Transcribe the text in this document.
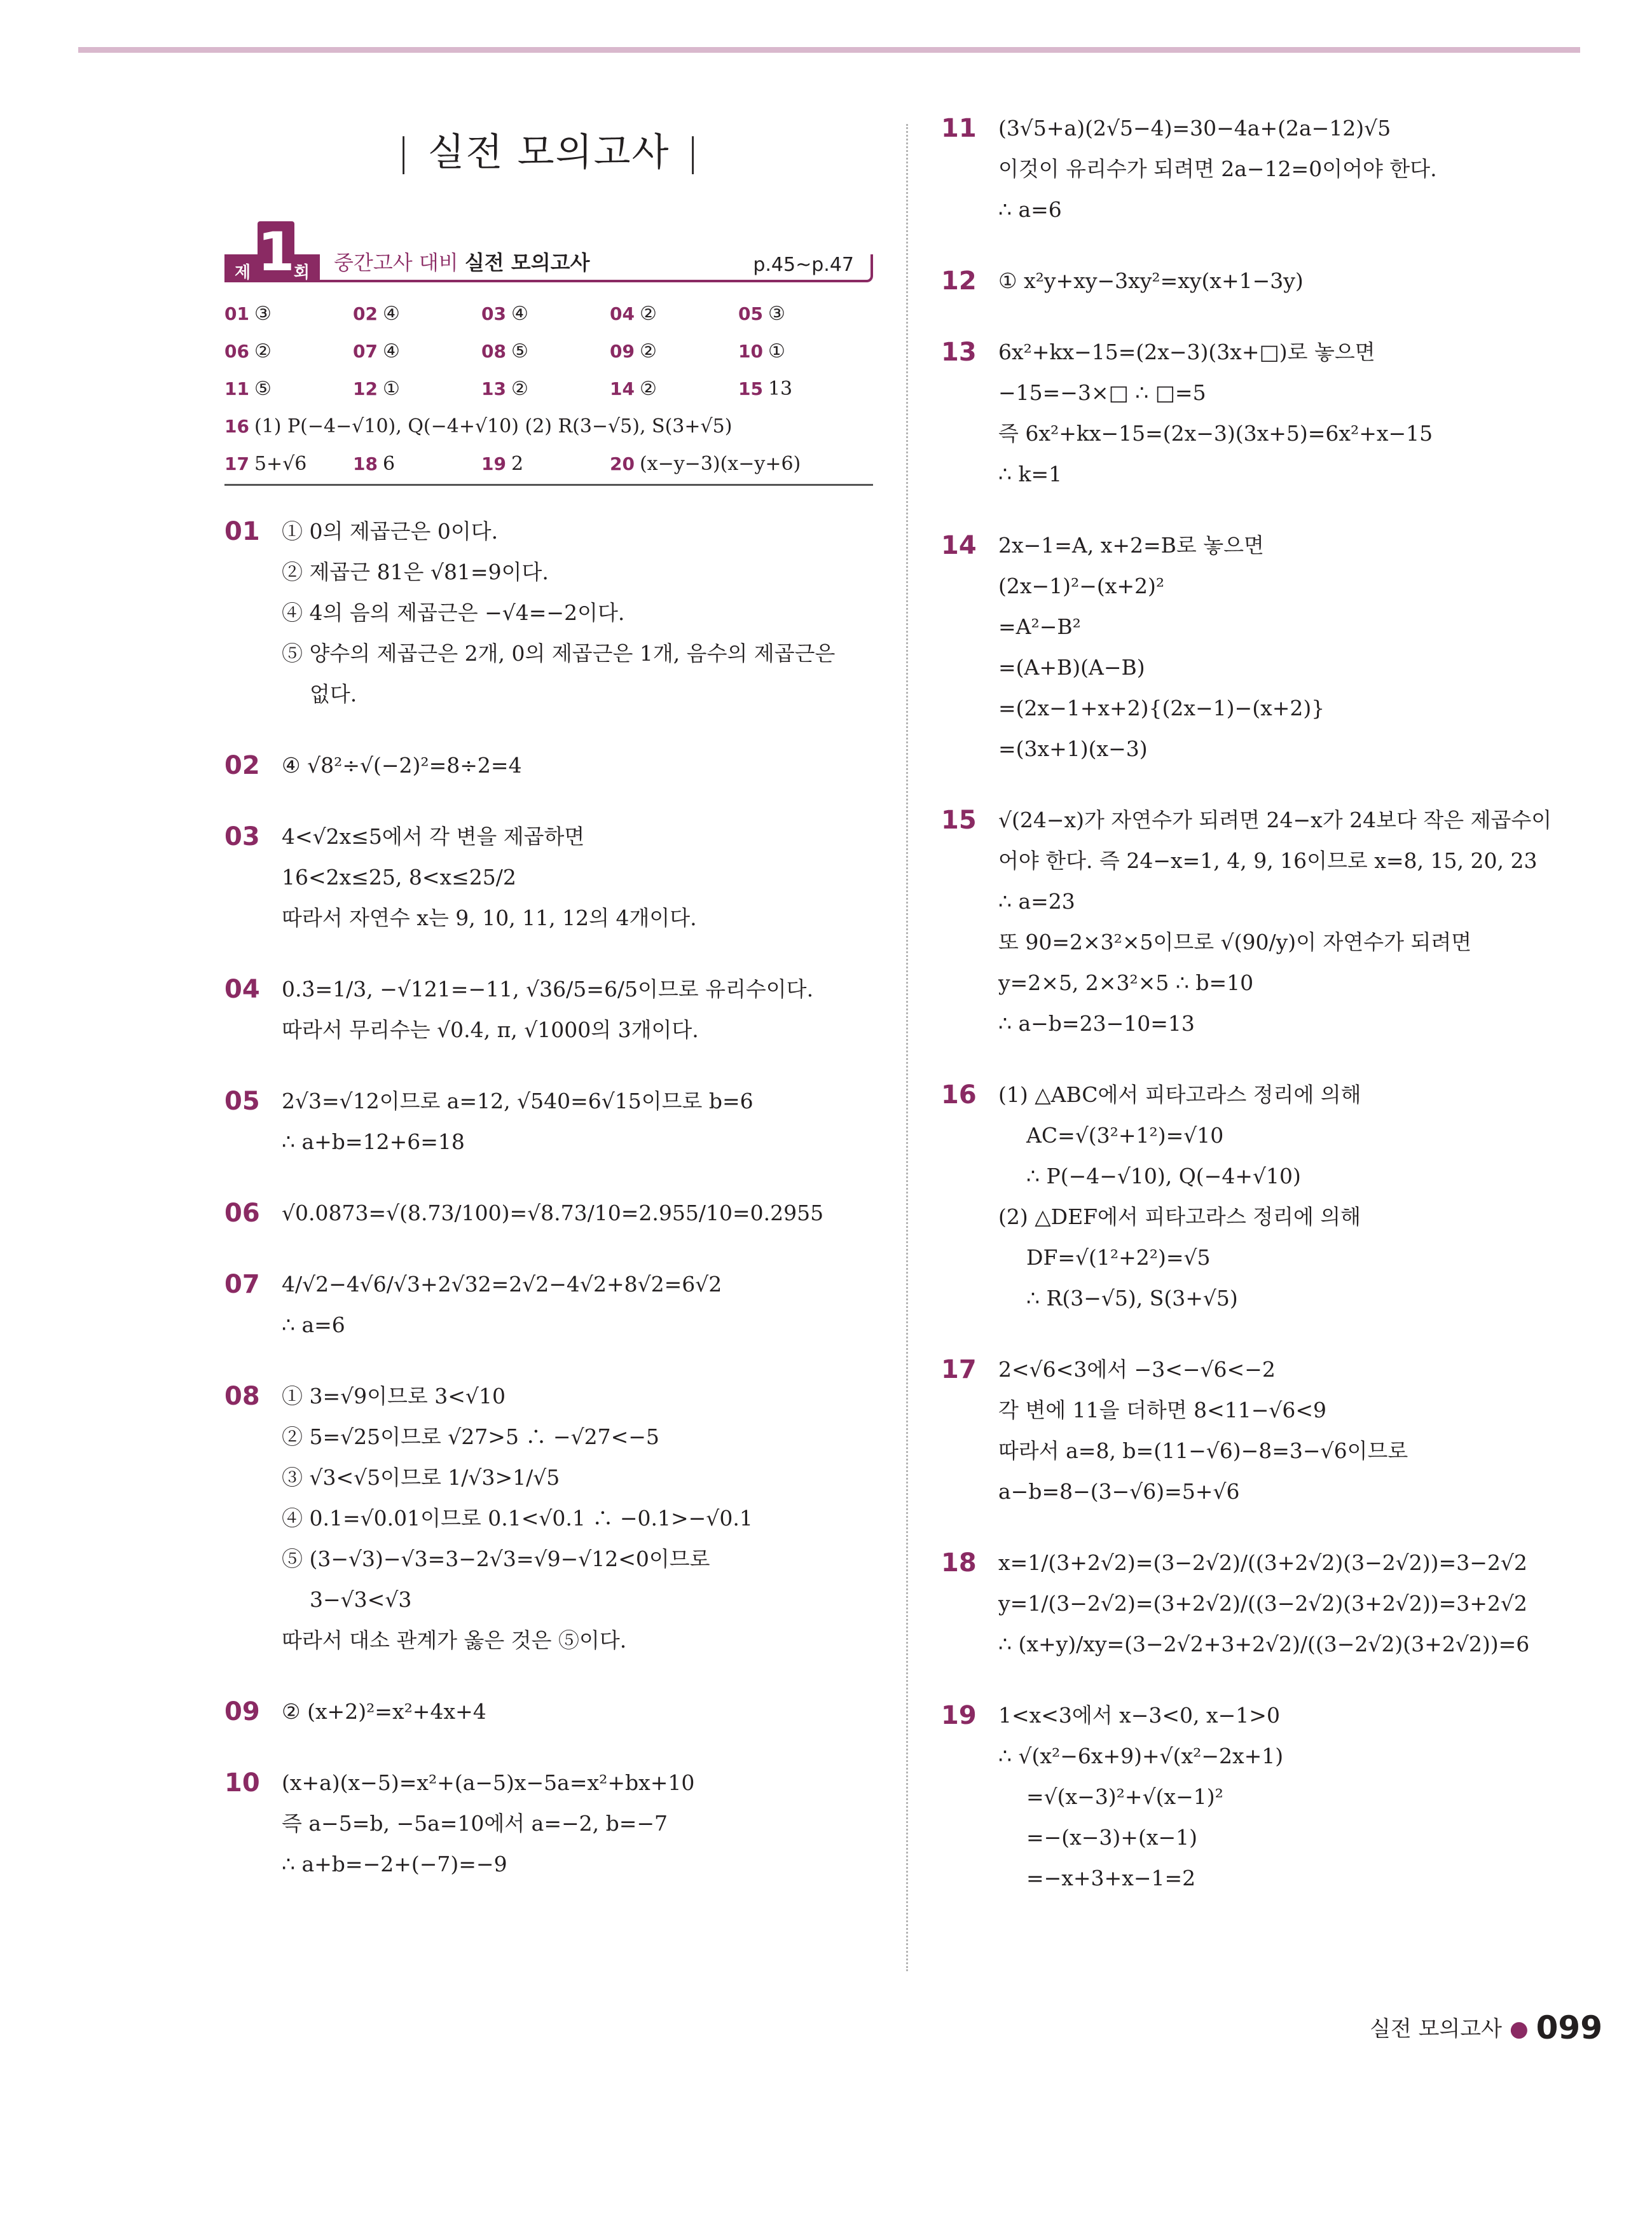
| 실전 모의고사 |
제 1
회 중간고사 대비 실전 모의고사	p.45~p.47
01 ③	02 ④	03 ④	04 ②	05 ③
06 ②	07 ④	08 ⑤	09 ②	10 ①
11 ⑤	12 ①	13 ②	14 ②	15 13
16 (1) P(−4−√10), Q(−4+√10) (2) R(3−√5), S(3+√5)
17 5+√6	18 6	19 2	20 (x−y−3)(x−y+6)
01	① 0의 제곱근은 0이다.
② 제곱근 81은 √81=9이다.
④ 4의 음의 제곱근은 −√4=−2이다.
⑤ 양수의 제곱근은 2개, 0의 제곱근은 1개, 음수의 제곱근은
없다.
02	④ √8²÷√(−2)²=8÷2=4
03	4<√2x≤5에서 각 변을 제곱하면
16<2x≤25, 8<x≤25/2
따라서 자연수 x는 9, 10, 11, 12의 4개이다.
04	0.3̇=1/3, −√121=−11, √36/5=6/5이므로 유리수이다.
따라서 무리수는 √0.4, π, √1000의 3개이다.
05	2√3=√12이므로 a=12, √540=6√15이므로 b=6
∴ a+b=12+6=18
06	√0.0873=√(8.73/100)=√8.73/10=2.955/10=0.2955
07	4/√2−4√6/√3+2√32=2√2−4√2+8√2=6√2
∴ a=6
08	① 3=√9이므로 3<√10
② 5=√25이므로 √27>5 ∴ −√27<−5
③ √3<√5이므로 1/√3>1/√5
④ 0.1=√0.01이므로 0.1<√0.1 ∴ −0.1>−√0.1
⑤ (3−√3)−√3=3−2√3=√9−√12<0이므로
3−√3<√3
따라서 대소 관계가 옳은 것은 ⑤이다.
09	② (x+2)²=x²+4x+4
10	(x+a)(x−5)=x²+(a−5)x−5a=x²+bx+10
즉 a−5=b, −5a=10에서 a=−2, b=−7
∴ a+b=−2+(−7)=−9
11	(3√5+a)(2√5−4)=30−4a+(2a−12)√5
이것이 유리수가 되려면 2a−12=0이어야 한다.
∴ a=6
12	① x²y+xy−3xy²=xy(x+1−3y)
13	6x²+kx−15=(2x−3)(3x+□)로 놓으면
−15=−3×□ ∴ □=5
즉 6x²+kx−15=(2x−3)(3x+5)=6x²+x−15
∴ k=1
14	2x−1=A, x+2=B로 놓으면
(2x−1)²−(x+2)²
=A²−B²
=(A+B)(A−B)
=(2x−1+x+2){(2x−1)−(x+2)}
=(3x+1)(x−3)
15	√(24−x)가 자연수가 되려면 24−x가 24보다 작은 제곱수이
어야 한다. 즉 24−x=1, 4, 9, 16이므로 x=8, 15, 20, 23
∴ a=23
또 90=2×3²×5이므로 √(90/y)이 자연수가 되려면
y=2×5, 2×3²×5 ∴ b=10
∴ a−b=23−10=13
16	(1) △ABC에서 피타고라스 정리에 의해
AC=√(3²+1²)=√10
∴ P(−4−√10), Q(−4+√10)
(2) △DEF에서 피타고라스 정리에 의해
DF=√(1²+2²)=√5
∴ R(3−√5), S(3+√5)
17	2<√6<3에서 −3<−√6<−2
각 변에 11을 더하면 8<11−√6<9
따라서 a=8, b=(11−√6)−8=3−√6이므로
a−b=8−(3−√6)=5+√6
18	x=1/(3+2√2)=(3−2√2)/((3+2√2)(3−2√2))=3−2√2
y=1/(3−2√2)=(3+2√2)/((3−2√2)(3+2√2))=3+2√2
∴ (x+y)/xy=(3−2√2+3+2√2)/((3−2√2)(3+2√2))=6
19	1<x<3에서 x−3<0, x−1>0
∴ √(x²−6x+9)+√(x²−2x+1)
=√(x−3)²+√(x−1)²
=−(x−3)+(x−1)
=−x+3+x−1=2
실전 모의고사 ● 099
